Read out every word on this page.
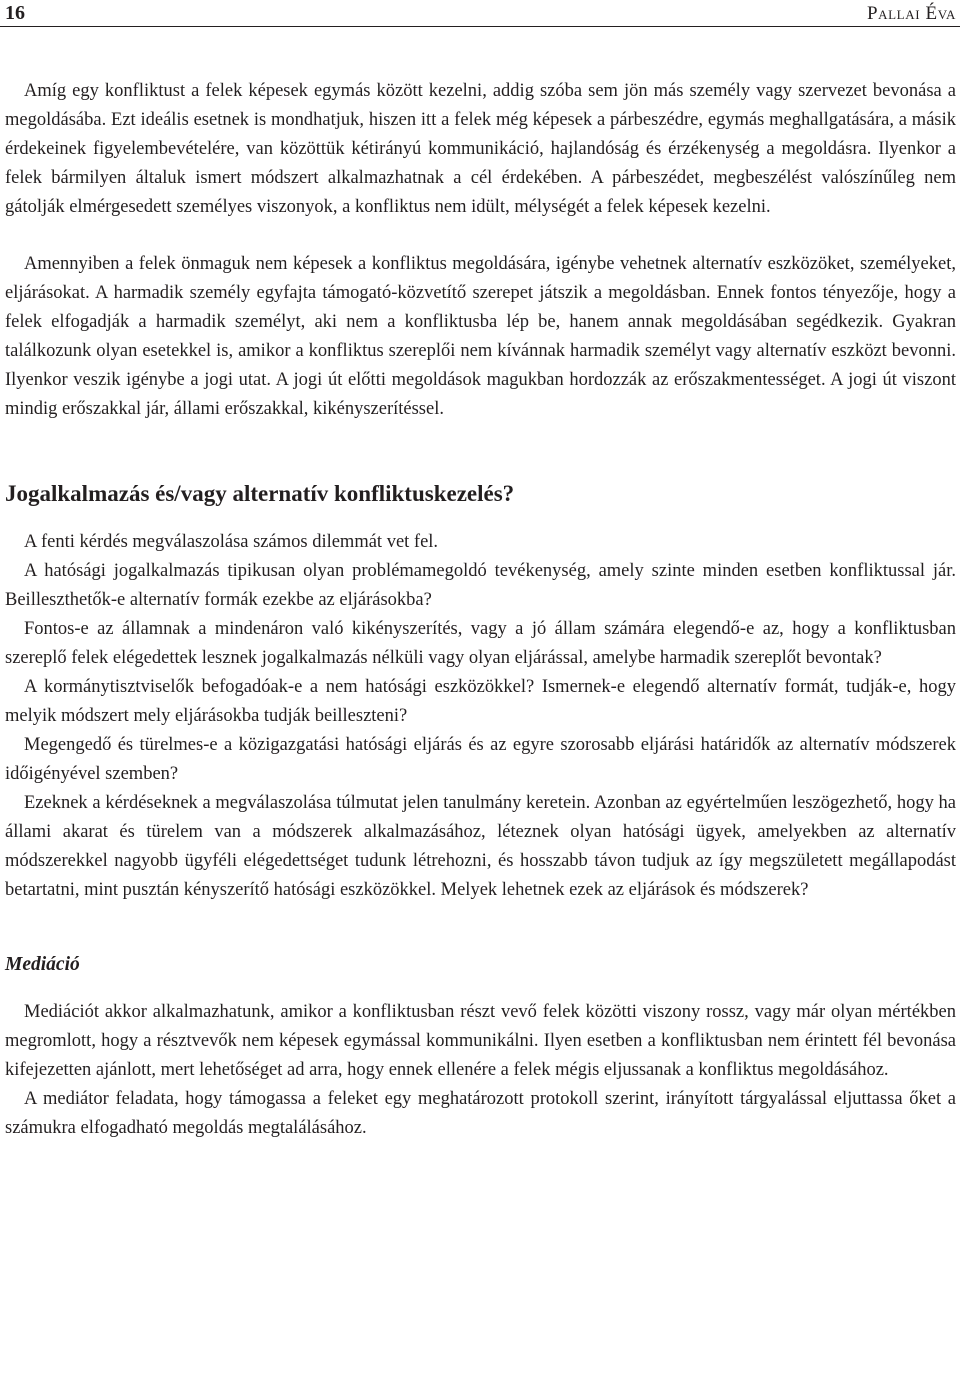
16	Pallai Éva

Amíg egy konfliktust a felek képesek egymás között kezelni, addig szóba sem jön más személy vagy szervezet bevonása a megoldásába. Ezt ideális esetnek is mondhatjuk, hiszen itt a felek még képesek a párbeszédre, egymás meghallgatására, a másik érdekeinek figyelembevételére, van közöttük kétirányú kommunikáció, hajlandóság és érzékenység a megoldásra. Ilyenkor a felek bármilyen általuk ismert módszert alkalmazhatnak a cél érdekében. A párbeszédet, megbeszélést valószínűleg nem gátolják elmérgesedett személyes viszonyok, a konfliktus nem idült, mélységét a felek képesek kezelni.

Amennyiben a felek önmaguk nem képesek a konfliktus megoldására, igénybe vehetnek alternatív eszközöket, személyeket, eljárásokat. A harmadik személy egyfajta támogató-közvetítő szerepet játszik a megoldásban. Ennek fontos tényezője, hogy a felek elfogadják a harmadik személyt, aki nem a konfliktusba lép be, hanem annak megoldásában segédkezik. Gyakran találkozunk olyan esetekkel is, amikor a konfliktus szereplői nem kívánnak harmadik személyt vagy alternatív eszközt bevonni. Ilyenkor veszik igénybe a jogi utat. A jogi út előtti megoldások magukban hordozzák az erőszakmentességet. A jogi út viszont mindig erőszakkal jár, állami erőszakkal, kikényszerítéssel.

Jogalkalmazás és/vagy alternatív konfliktuskezelés?

A fenti kérdés megválaszolása számos dilemmát vet fel.

A hatósági jogalkalmazás tipikusan olyan problémamegoldó tevékenység, amely szinte minden esetben konfliktussal jár. Beilleszthetők-e alternatív formák ezekbe az eljárásokba?

Fontos-e az államnak a mindenáron való kikényszerítés, vagy a jó állam számára elegendő-e az, hogy a konfliktusban szereplő felek elégedettek lesznek jogalkalmazás nélküli vagy olyan eljárással, amelybe harmadik szereplőt bevontak?

A kormánytisztviselők befogadóak-e a nem hatósági eszközökkel? Ismernek-e elegendő alternatív formát, tudják-e, hogy melyik módszert mely eljárásokba tudják beilleszteni?

Megengedő és türelmes-e a közigazgatási hatósági eljárás és az egyre szorosabb eljárási határidők az alternatív módszerek időigényével szemben?

Ezeknek a kérdéseknek a megválaszolása túlmutat jelen tanulmány keretein. Azonban az egyértelműen leszögezhető, hogy ha állami akarat és türelem van a módszerek alkalmazásához, léteznek olyan hatósági ügyek, amelyekben az alternatív módszerekkel nagyobb ügyféli elégedettséget tudunk létrehozni, és hosszabb távon tudjuk az így megszületett megállapodást betartatni, mint pusztán kényszerítő hatósági eszközökkel. Melyek lehetnek ezek az eljárások és módszerek?

Mediáció

Mediációt akkor alkalmazhatunk, amikor a konfliktusban részt vevő felek közötti viszony rossz, vagy már olyan mértékben megromlott, hogy a résztvevők nem képesek egymással kommunikálni. Ilyen esetben a konfliktusban nem érintett fél bevonása kifejezetten ajánlott, mert lehetőséget ad arra, hogy ennek ellenére a felek mégis eljussanak a konfliktus megoldásához.

A mediátor feladata, hogy támogassa a feleket egy meghatározott protokoll szerint, irányított tárgyalással eljuttassa őket a számukra elfogadható megoldás megtalálásához.
